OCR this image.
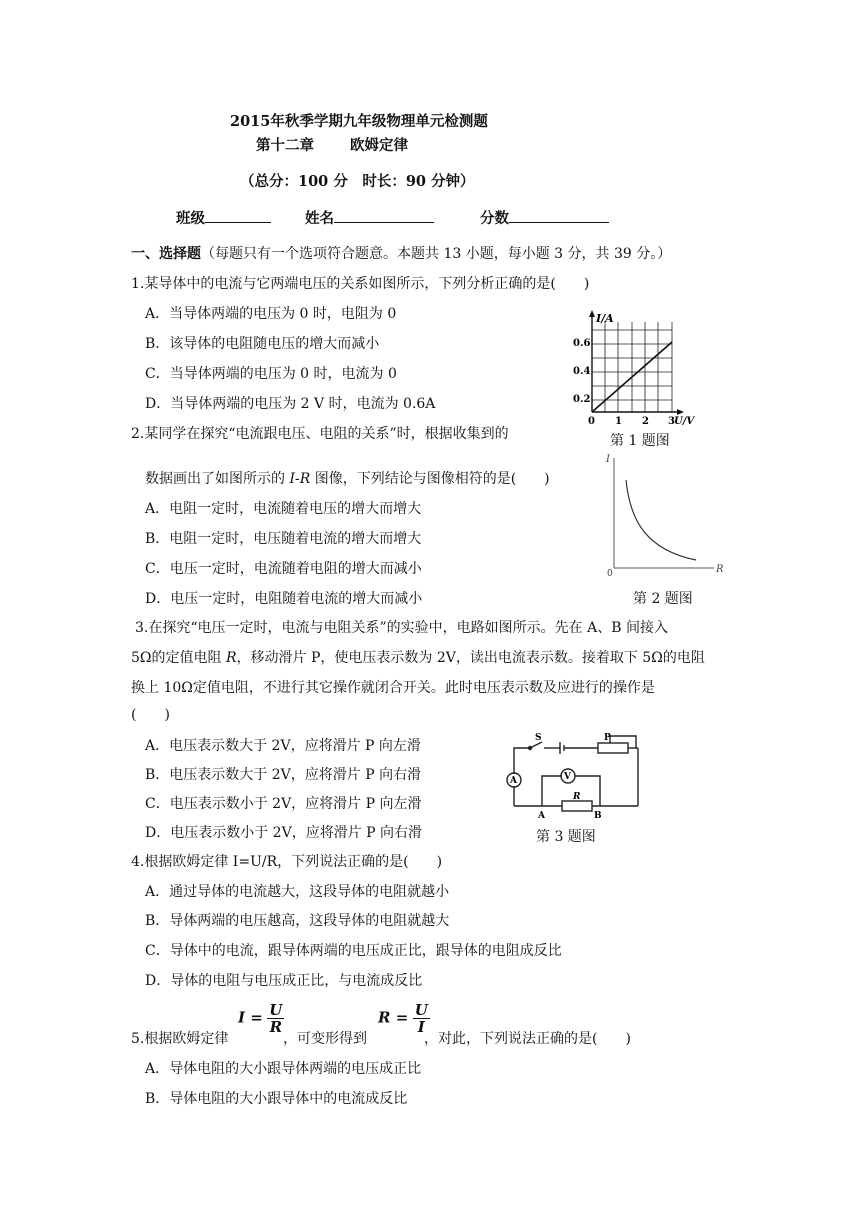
2015年秋季学期九年级物理单元检测题
第十二章 欧姆定律
（总分：100 分　时长：90 分钟）
班级	姓名	分数
一、选择题（每题只有一个选项符合题意。本题共 13 小题，每小题 3 分，共 39 分。）
1.某导体中的电流与它两端电压的关系如图所示，下列分析正确的是(　　)
A．当导体两端的电压为 0 时，电阻为 0
B．该导体的电阻随电压的增大而减小
C．当导体两端的电压为 0 时，电流为 0
D．当导体两端的电压为 2 V 时，电流为 0.6A
I/A
0.6
0.4
0.2
0 1 2 3 U/V
第 1 题图
2.某同学在探究“电流跟电压、电阻的关系”时，根据收集到的
数据画出了如图所示的 I-R 图像，下列结论与图像相符的是(　　)
A．电阻一定时，电流随着电压的增大而增大
B．电阻一定时，电压随着电流的增大而增大
C．电压一定时，电流随着电阻的增大而减小
D．电压一定时，电阻随着电流的增大而减小
I
R
0
第 2 题图
3.在探究“电压一定时，电流与电阻关系”的实验中，电路如图所示。先在 A、B 间接入
5Ω的定值电阻 R，移动滑片 P，使电压表示数为 2V，读出电流表示数。接着取下 5Ω的电阻
换上 10Ω定值电阻，不进行其它操作就闭合开关。此时电压表示数及应进行的操作是
(　　)
A．电压表示数大于 2V，应将滑片 P 向左滑
B．电压表示数大于 2V，应将滑片 P 向右滑
C．电压表示数小于 2V，应将滑片 P 向左滑
D．电压表示数小于 2V，应将滑片 P 向右滑
S	P
A	V
R
A	B
第 3 题图
4.根据欧姆定律 I=U/R，下列说法正确的是(　　)
A．通过导体的电流越大，这段导体的电阻就越小
B．导体两端的电压越高，这段导体的电阻就越大
C．导体中的电流，跟导体两端的电压成正比，跟导体的电阻成反比
D．导体的电阻与电压成正比，与电流成反比
5.根据欧姆定律
$I = \frac{U}{R}$
，可变形得到
$R = \frac{U}{I}$
，对此，下列说法正确的是(　　)
A．导体电阻的大小跟导体两端的电压成正比
B．导体电阻的大小跟导体中的电流成反比
